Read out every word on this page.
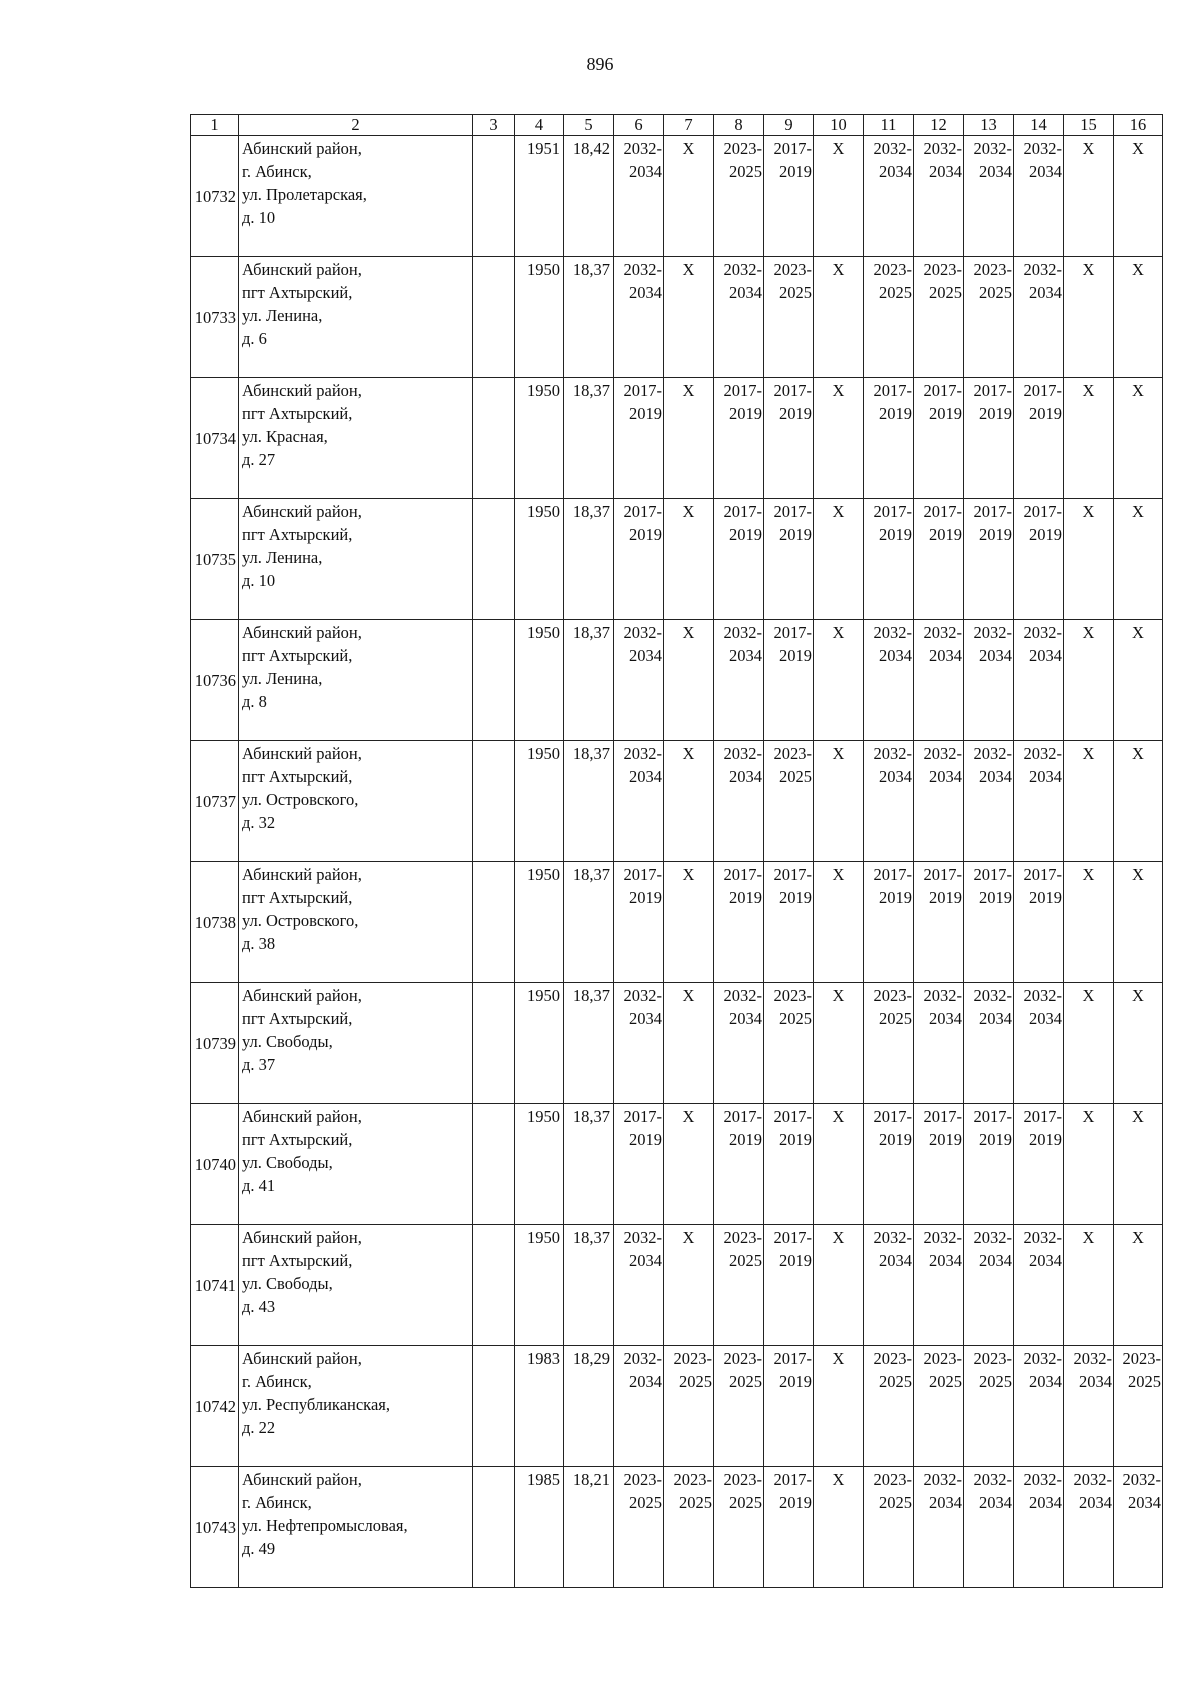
896
1	2	3	4	5	6	7	8	9	10	11	12	13	14	15	16
10732	Абинский район,
г. Абинск,
ул. Пролетарская,
д. 10		1951	18,42	2032-
2034	Х	2023-
2025	2017-
2019	Х	2032-
2034	2032-
2034	2032-
2034	2032-
2034	Х	Х
10733	Абинский район,
пгт Ахтырский,
ул. Ленина,
д. 6		1950	18,37	2032-
2034	Х	2032-
2034	2023-
2025	Х	2023-
2025	2023-
2025	2023-
2025	2032-
2034	Х	Х
10734	Абинский район,
пгт Ахтырский,
ул. Красная,
д. 27		1950	18,37	2017-
2019	Х	2017-
2019	2017-
2019	Х	2017-
2019	2017-
2019	2017-
2019	2017-
2019	Х	Х
10735	Абинский район,
пгт Ахтырский,
ул. Ленина,
д. 10		1950	18,37	2017-
2019	Х	2017-
2019	2017-
2019	Х	2017-
2019	2017-
2019	2017-
2019	2017-
2019	Х	Х
10736	Абинский район,
пгт Ахтырский,
ул. Ленина,
д. 8		1950	18,37	2032-
2034	Х	2032-
2034	2017-
2019	Х	2032-
2034	2032-
2034	2032-
2034	2032-
2034	Х	Х
10737	Абинский район,
пгт Ахтырский,
ул. Островского,
д. 32		1950	18,37	2032-
2034	Х	2032-
2034	2023-
2025	Х	2032-
2034	2032-
2034	2032-
2034	2032-
2034	Х	Х
10738	Абинский район,
пгт Ахтырский,
ул. Островского,
д. 38		1950	18,37	2017-
2019	Х	2017-
2019	2017-
2019	Х	2017-
2019	2017-
2019	2017-
2019	2017-
2019	Х	Х
10739	Абинский район,
пгт Ахтырский,
ул. Свободы,
д. 37		1950	18,37	2032-
2034	Х	2032-
2034	2023-
2025	Х	2023-
2025	2032-
2034	2032-
2034	2032-
2034	Х	Х
10740	Абинский район,
пгт Ахтырский,
ул. Свободы,
д. 41		1950	18,37	2017-
2019	Х	2017-
2019	2017-
2019	Х	2017-
2019	2017-
2019	2017-
2019	2017-
2019	Х	Х
10741	Абинский район,
пгт Ахтырский,
ул. Свободы,
д. 43		1950	18,37	2032-
2034	Х	2023-
2025	2017-
2019	Х	2032-
2034	2032-
2034	2032-
2034	2032-
2034	Х	Х
10742	Абинский район,
г. Абинск,
ул. Республиканская,
д. 22		1983	18,29	2032-
2034	2023-
2025	2023-
2025	2017-
2019	Х	2023-
2025	2023-
2025	2023-
2025	2032-
2034	2032-
2034	2023-
2025

10743	Абинский район,
г. Абинск,
ул. Нефтепромысловая,
д. 49		1985	18,21	2023-
2025	2023-
2025	2023-
2025	2017-
2019	Х	2023-
2025	2032-
2034	2032-
2034	2032-
2034	2032-
2034	2032-
2034
